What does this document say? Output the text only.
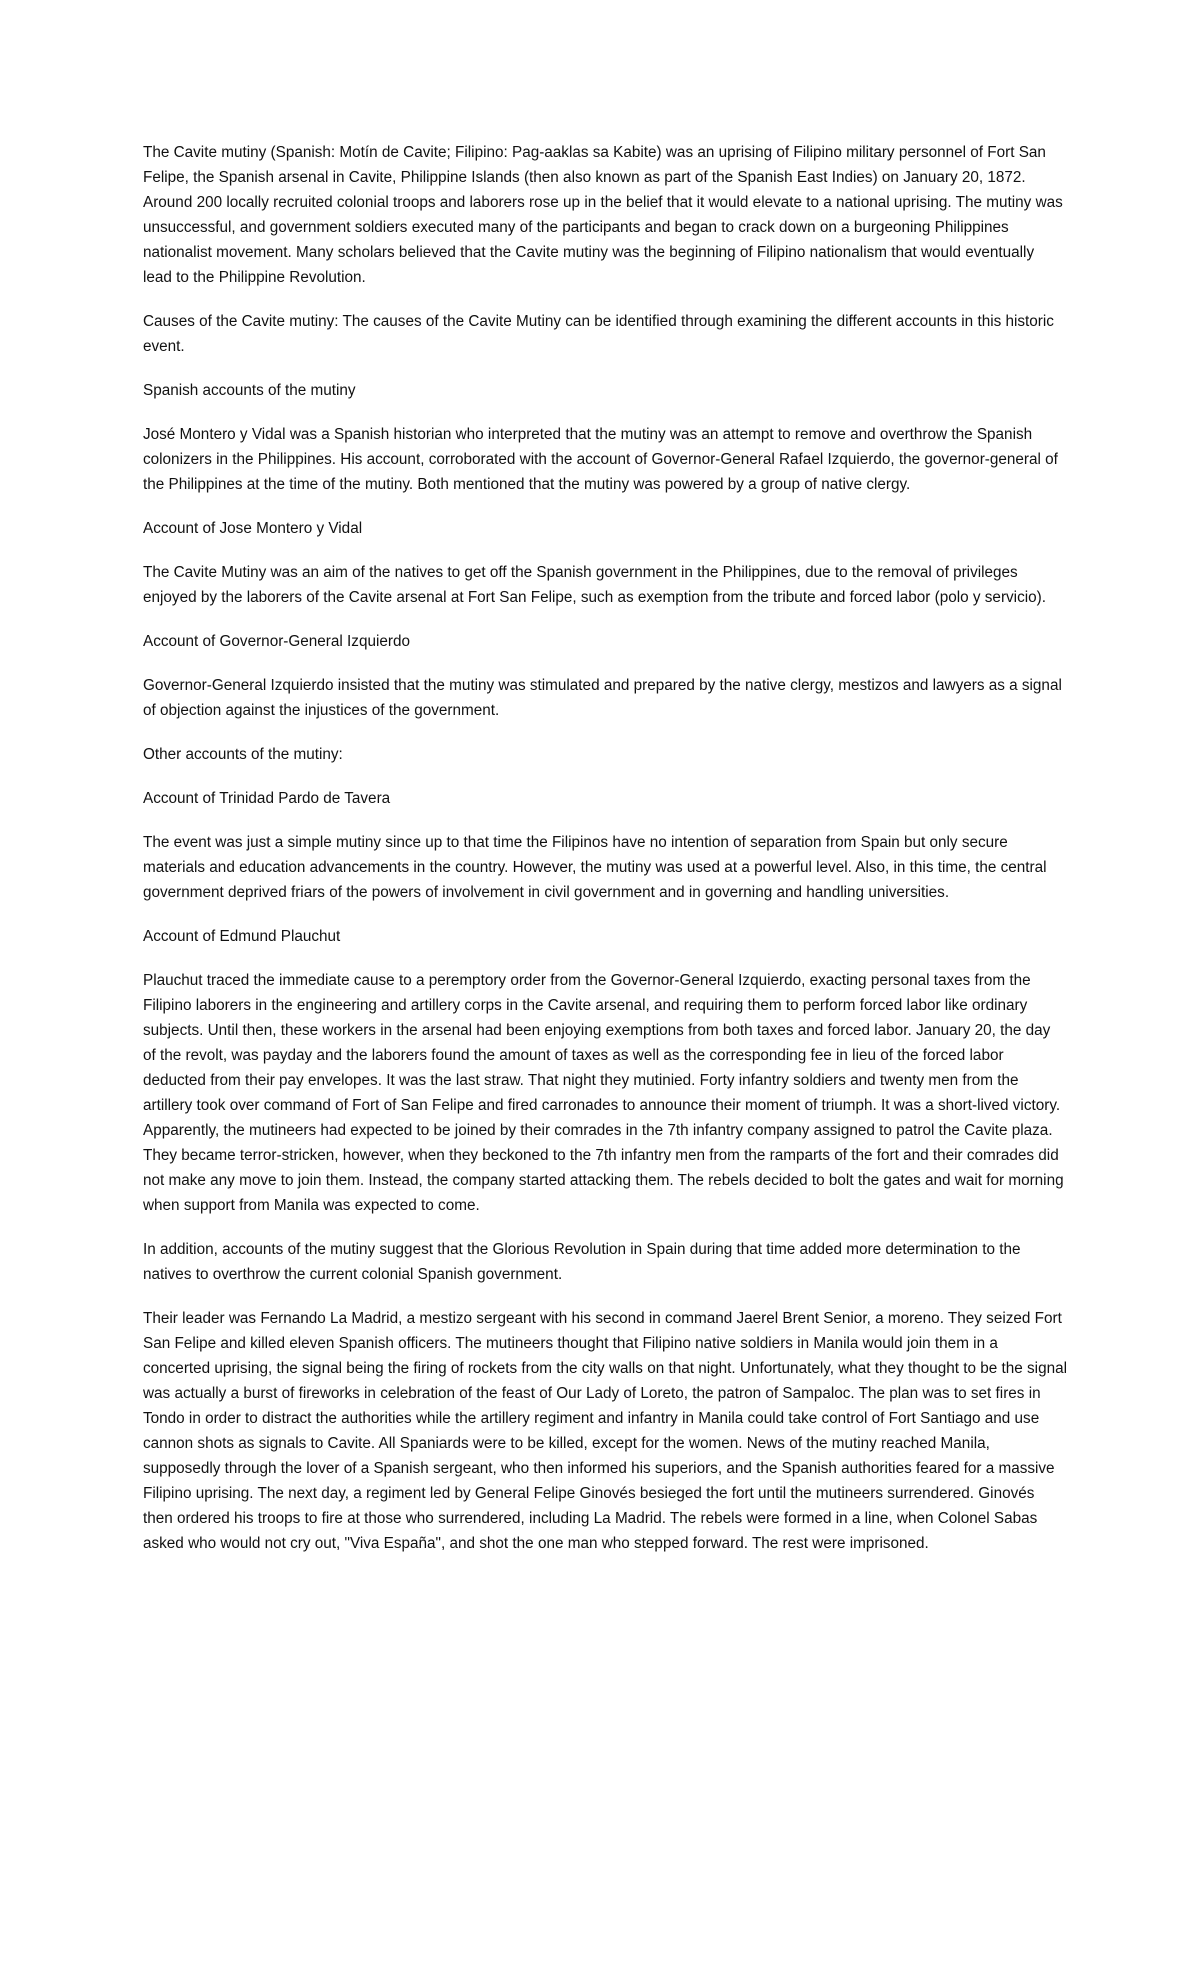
The Cavite mutiny (Spanish: Motín de Cavite; Filipino: Pag-aaklas sa Kabite) was an uprising of Filipino military personnel of Fort San Felipe, the Spanish arsenal in Cavite, Philippine Islands (then also known as part of the Spanish East Indies) on January 20, 1872. Around 200 locally recruited colonial troops and laborers rose up in the belief that it would elevate to a national uprising. The mutiny was unsuccessful, and government soldiers executed many of the participants and began to crack down on a burgeoning Philippines nationalist movement. Many scholars believed that the Cavite mutiny was the beginning of Filipino nationalism that would eventually lead to the Philippine Revolution.

Causes of the Cavite mutiny: The causes of the Cavite Mutiny can be identified through examining the different accounts in this historic event.

Spanish accounts of the mutiny

José Montero y Vidal was a Spanish historian who interpreted that the mutiny was an attempt to remove and overthrow the Spanish colonizers in the Philippines. His account, corroborated with the account of Governor-General Rafael Izquierdo, the governor-general of the Philippines at the time of the mutiny. Both mentioned that the mutiny was powered by a group of native clergy.

Account of Jose Montero y Vidal

The Cavite Mutiny was an aim of the natives to get off the Spanish government in the Philippines, due to the removal of privileges enjoyed by the laborers of the Cavite arsenal at Fort San Felipe, such as exemption from the tribute and forced labor (polo y servicio).

Account of Governor-General Izquierdo

Governor-General Izquierdo insisted that the mutiny was stimulated and prepared by the native clergy, mestizos and lawyers as a signal of objection against the injustices of the government.

Other accounts of the mutiny:

Account of Trinidad Pardo de Tavera

The event was just a simple mutiny since up to that time the Filipinos have no intention of separation from Spain but only secure materials and education advancements in the country. However, the mutiny was used at a powerful level. Also, in this time, the central government deprived friars of the powers of involvement in civil government and in governing and handling universities.

Account of Edmund Plauchut

Plauchut traced the immediate cause to a peremptory order from the Governor-General Izquierdo, exacting personal taxes from the Filipino laborers in the engineering and artillery corps in the Cavite arsenal, and requiring them to perform forced labor like ordinary subjects. Until then, these workers in the arsenal had been enjoying exemptions from both taxes and forced labor. January 20, the day of the revolt, was payday and the laborers found the amount of taxes as well as the corresponding fee in lieu of the forced labor deducted from their pay envelopes. It was the last straw. That night they mutinied. Forty infantry soldiers and twenty men from the artillery took over command of Fort of San Felipe and fired carronades to announce their moment of triumph. It was a short-lived victory. Apparently, the mutineers had expected to be joined by their comrades in the 7th infantry company assigned to patrol the Cavite plaza. They became terror-stricken, however, when they beckoned to the 7th infantry men from the ramparts of the fort and their comrades did not make any move to join them. Instead, the company started attacking them. The rebels decided to bolt the gates and wait for morning when support from Manila was expected to come.

In addition, accounts of the mutiny suggest that the Glorious Revolution in Spain during that time added more determination to the natives to overthrow the current colonial Spanish government.

Their leader was Fernando La Madrid, a mestizo sergeant with his second in command Jaerel Brent Senior, a moreno. They seized Fort San Felipe and killed eleven Spanish officers. The mutineers thought that Filipino native soldiers in Manila would join them in a concerted uprising, the signal being the firing of rockets from the city walls on that night. Unfortunately, what they thought to be the signal was actually a burst of fireworks in celebration of the feast of Our Lady of Loreto, the patron of Sampaloc. The plan was to set fires in Tondo in order to distract the authorities while the artillery regiment and infantry in Manila could take control of Fort Santiago and use cannon shots as signals to Cavite. All Spaniards were to be killed, except for the women. News of the mutiny reached Manila, supposedly through the lover of a Spanish sergeant, who then informed his superiors, and the Spanish authorities feared for a massive Filipino uprising. The next day, a regiment led by General Felipe Ginovés besieged the fort until the mutineers surrendered. Ginovés then ordered his troops to fire at those who surrendered, including La Madrid. The rebels were formed in a line, when Colonel Sabas asked who would not cry out, "Viva España", and shot the one man who stepped forward. The rest were imprisoned.
